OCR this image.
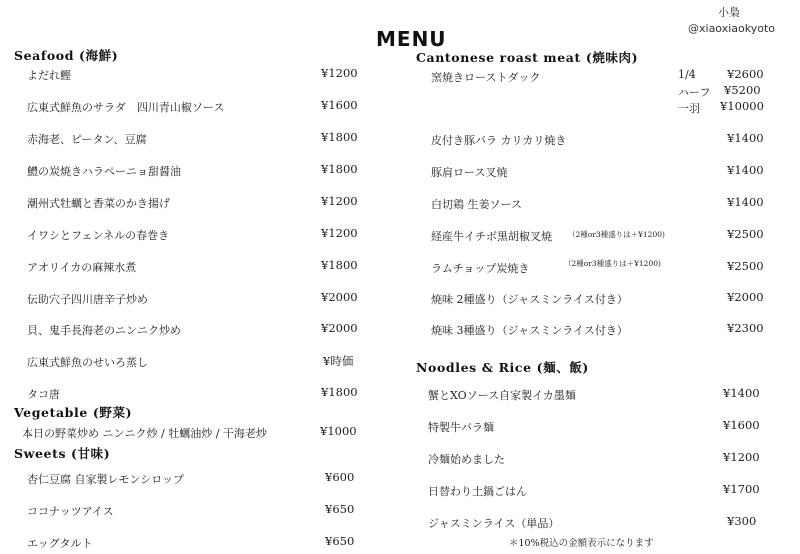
小梟
@xiaoxiaokyoto
MENU
Seafood (海鮮)
よだれ鰹	¥1200
広東式鮮魚のサラダ　四川青山椒ソース	¥1600
赤海老、ピータン、豆腐	¥1800
鱧の炭焼きハラペーニョ甜醤油	¥1800
潮州式牡蠣と香菜のかき揚げ	¥1200
イワシとフェンネルの春巻き	¥1200
アオリイカの麻辣水煮	¥1800
伝助穴子四川唐辛子炒め	¥2000
貝、鬼手長海老のニンニク炒め	¥2000
広東式鮮魚のせいろ蒸し	¥時価
タコ唐	¥1800
Vegetable (野菜)
本日の野菜炒め ニンニク炒 / 牡蠣油炒 / 干海老炒	¥1000
Sweets (甘味)
杏仁豆腐 自家製レモンシロップ	¥600
ココナッツアイス	¥650
エッグタルト	¥650
Cantonese roast meat (焼味肉)
窯焼きローストダック	1/4	¥2600
ハーフ ¥5200
一羽 ¥10000
皮付き豚バラ カリカリ焼き	¥1400
豚肩ロース叉焼	¥1400
白切鶏 生姜ソース	¥1400
経産牛イチボ黒胡椒叉焼 （2種or3種盛りは＋¥1200)	¥2500
ラムチョップ炭焼き	（2種or3種盛りは＋¥1200)	¥2500
焼味 2種盛り（ジャスミンライス付き）	¥2000
焼味 3種盛り（ジャスミンライス付き）	¥2300
Noodles & Rice (麺、飯)
蟹とXOソース自家製イカ墨麺	¥1400
特製牛バラ麺	¥1600
冷麺始めました	¥1200
日替わり土鍋ごはん	¥1700
ジャスミンライス（単品）	¥300
＊10%税込の金額表示になります
